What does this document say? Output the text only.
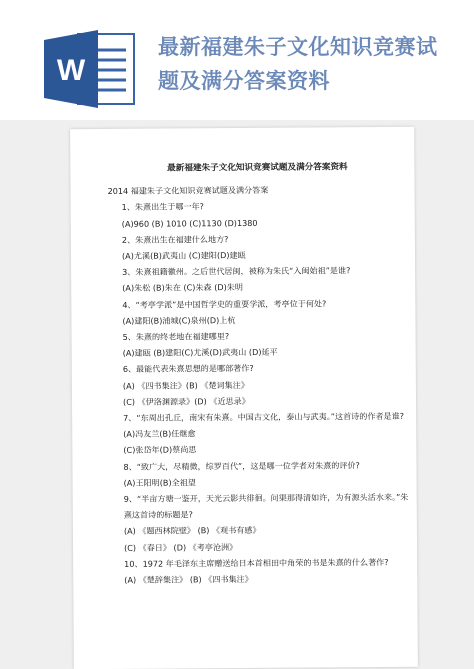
W
最新福建朱子文化知识竞赛试
题及满分答案资料
最新福建朱子文化知识竞赛试题及满分答案资料
2014 福建朱子文化知识竞赛试题及满分答案
1、朱熹出生于哪一年?
(A)960 (B) 1010 (C)1130 (D)1380
2、朱熹出生在福建什么地方?
(A)尤溪(B)武夷山 (C)建阳(D)建瓯
3、朱熹祖籍徽州。之后世代居闽，被称为朱氏“入闽始祖”是谁?
(A)朱松 (B)朱在 (C)朱森 (D)朱明
4、“考亭学派”是中国哲学史的重要学派，考亭位于何处?
(A)建阳(B)浦城(C)泉州(D)上杭
5、朱熹的终老地在福建哪里?
(A)建瓯 (B)建阳(C)尤溪(D)武夷山 (D)延平
6、最能代表朱熹思想的是哪部著作?
(A) 《四书集注》(B) 《楚词集注》
(C) 《伊洛渊源录》(D) 《近思录》
7、“东周出孔丘，南宋有朱熹。中国古文化，泰山与武夷。”这首诗的作者是谁?
(A)冯友兰(B)任继愈
(C)张岱年(D)蔡尚思
8、“致广大，尽精微，综罗百代”，这是哪一位学者对朱熹的评价?
(A)王阳明(B)全祖望
9、“半亩方塘一鉴开，天光云影共徘徊。问渠那得清如许，为有源头活水来。”朱熹这首诗的标题是?
(A) 《题西林院壁》 (B) 《观书有感》
(C) 《春日》 (D) 《考亭沧洲》
10、1972 年毛泽东主席赠送给日本首相田中角荣的书是朱熹的什么著作?
(A) 《楚辞集注》 (B) 《四书集注》
